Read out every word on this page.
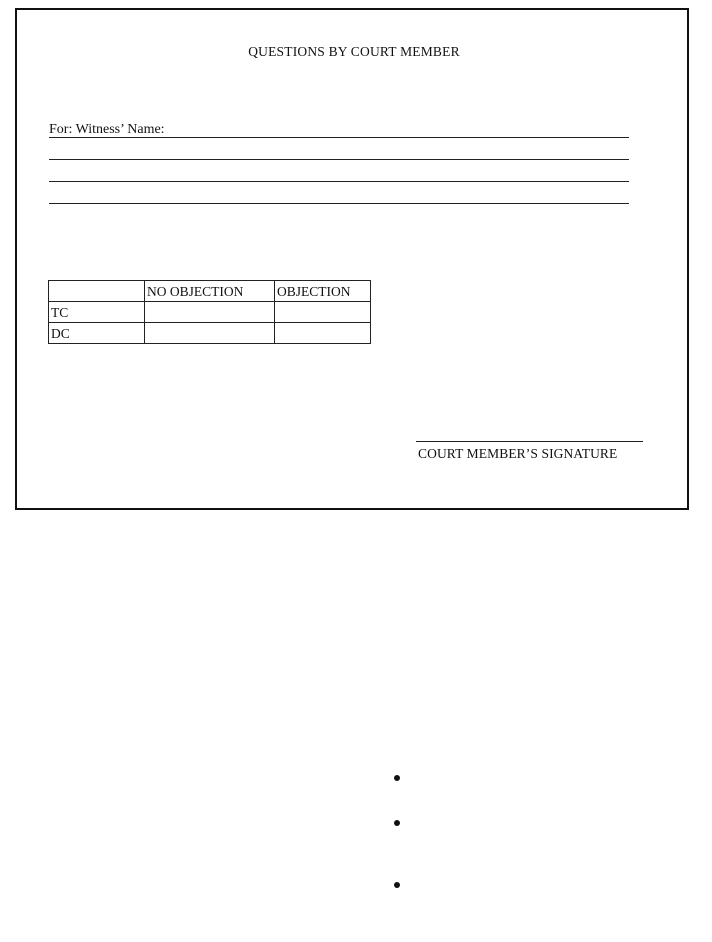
QUESTIONS BY COURT MEMBER
For: Witness’ Name:
	NO OBJECTION	OBJECTION
TC		
DC		
COURT MEMBER’S SIGNATURE
